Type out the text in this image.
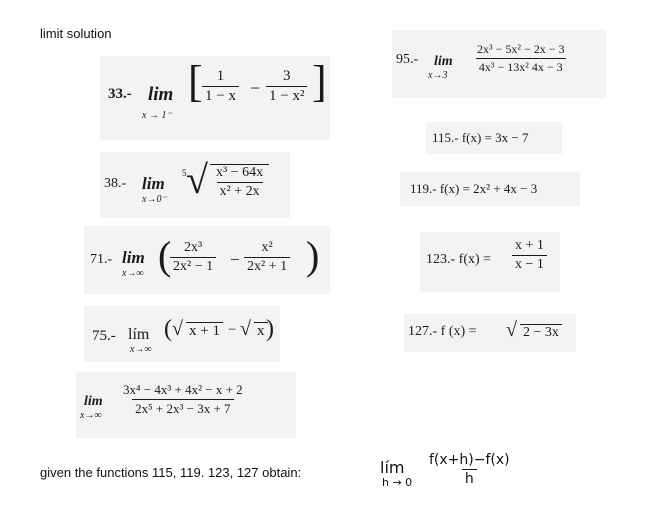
limit solution
33.- lim
x → 1⁻
[ $\frac{1}{1 - x} - \frac{3}{\text{1 − x²}}$ ]
38.- lim
x→0⁻
5 √ $\frac{\text{x³ − 64x}}{\text{x² + 2x}}$
71.- lim
x→∞ (
$\frac{\text{2x³}}{\text{2x² − 1}} - \frac{\text{x²}}{\text{2x² + 1}}$ )
75.- lím
x→∞
( √ x + 1 − √ x )
lim
$x\to\infty \frac{\text{3x⁴ − 4x³ + 4x² − x + 2}}{\text{2x⁵ + 2x³ − 3x + 7}}$
95.- lim
x→3
$\frac{\text{2x³ − 5x² − 2x − 3}}{\text{4x³ − 13x² 4x − 3}}$
115.- f(x) = 3x − 7
119.- f(x) = 2x² + 4x − 3
123.- $f(x) = \frac{x + 1}{x - 1}$
127.- f (x) = √ 2 − 3x
given the functions 115, 119. 123, 127 obtain:	lím
$h \to 0 \frac{f(x+h)-f(x)}{h}$
